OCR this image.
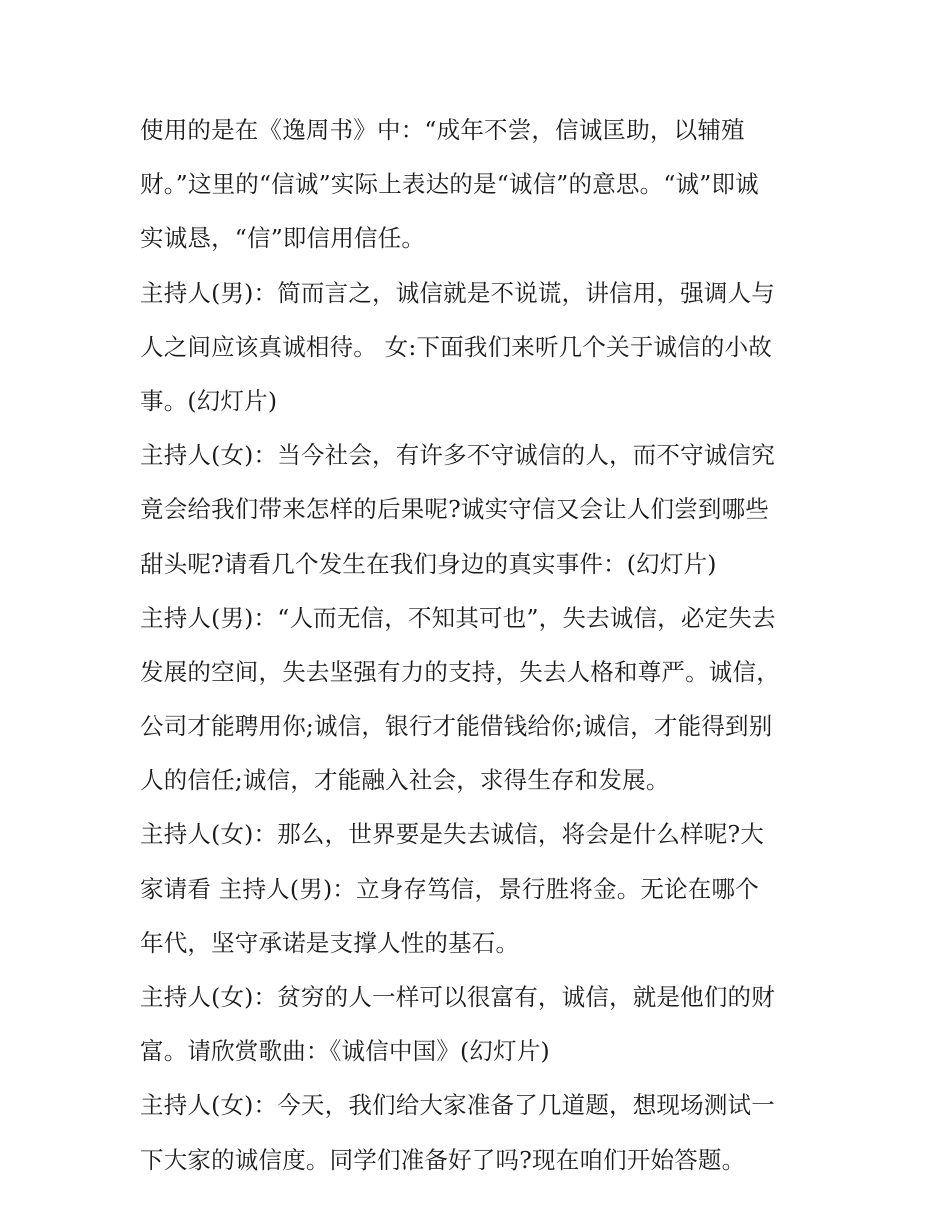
使用的是在《逸周书》中：“成年不尝，信诚匡助，以辅殖
财。”这里的“信诚”实际上表达的是“诚信”的意思。“诚”即诚
实诚恳，“信”即信用信任。
主持人(男)：简而言之，诚信就是不说谎，讲信用，强调人与
人之间应该真诚相待。 女:下面我们来听几个关于诚信的小故
事。(幻灯片)
主持人(女)：当今社会，有许多不守诚信的人，而不守诚信究
竟会给我们带来怎样的后果呢?诚实守信又会让人们尝到哪些
甜头呢?请看几个发生在我们身边的真实事件：(幻灯片)
主持人(男)：“人而无信，不知其可也”，失去诚信，必定失去
发展的空间，失去坚强有力的支持，失去人格和尊严。诚信，
公司才能聘用你;诚信，银行才能借钱给你;诚信，才能得到别
人的信任;诚信，才能融入社会，求得生存和发展。
主持人(女)：那么，世界要是失去诚信，将会是什么样呢?大
家请看 主持人(男)：立身存笃信，景行胜将金。无论在哪个
年代，坚守承诺是支撑人性的基石。
主持人(女)：贫穷的人一样可以很富有，诚信，就是他们的财
富。请欣赏歌曲：《诚信中国》(幻灯片)
主持人(女)：今天，我们给大家准备了几道题，想现场测试一
下大家的诚信度。同学们准备好了吗?现在咱们开始答题。
